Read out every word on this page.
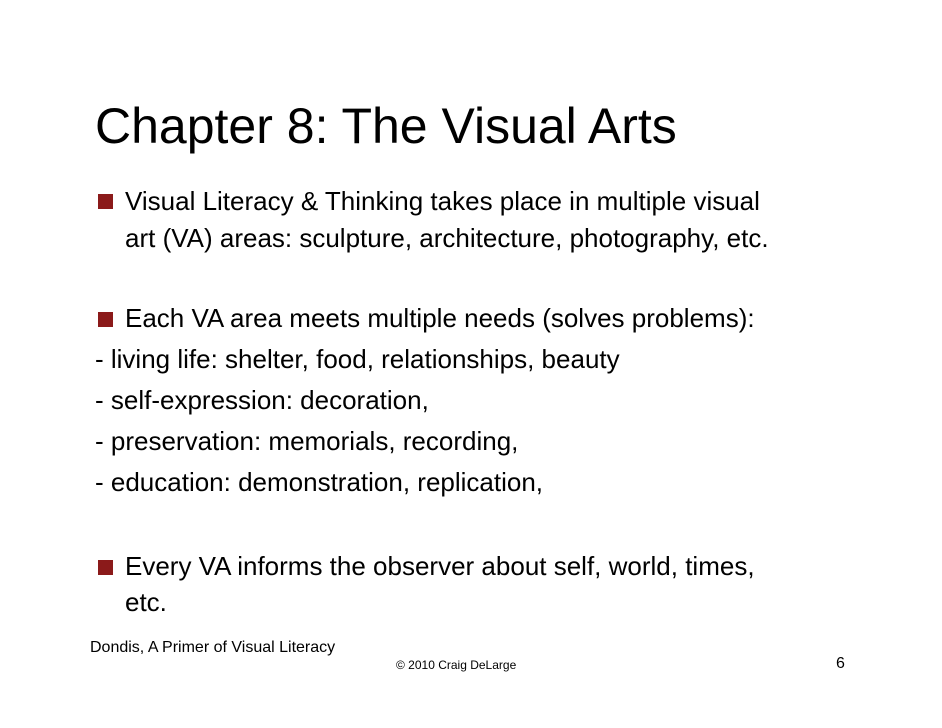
Chapter 8: The Visual Arts
Visual Literacy & Thinking takes place in multiple visual
art (VA) areas: sculpture, architecture, photography, etc.
Each VA area meets multiple needs (solves problems):
- living life: shelter, food, relationships, beauty
- self-expression: decoration,
- preservation: memorials, recording,
- education: demonstration, replication,
Every VA informs the observer about self, world, times,
etc.
Dondis, A Primer of Visual Literacy
© 2010 Craig DeLarge	6
